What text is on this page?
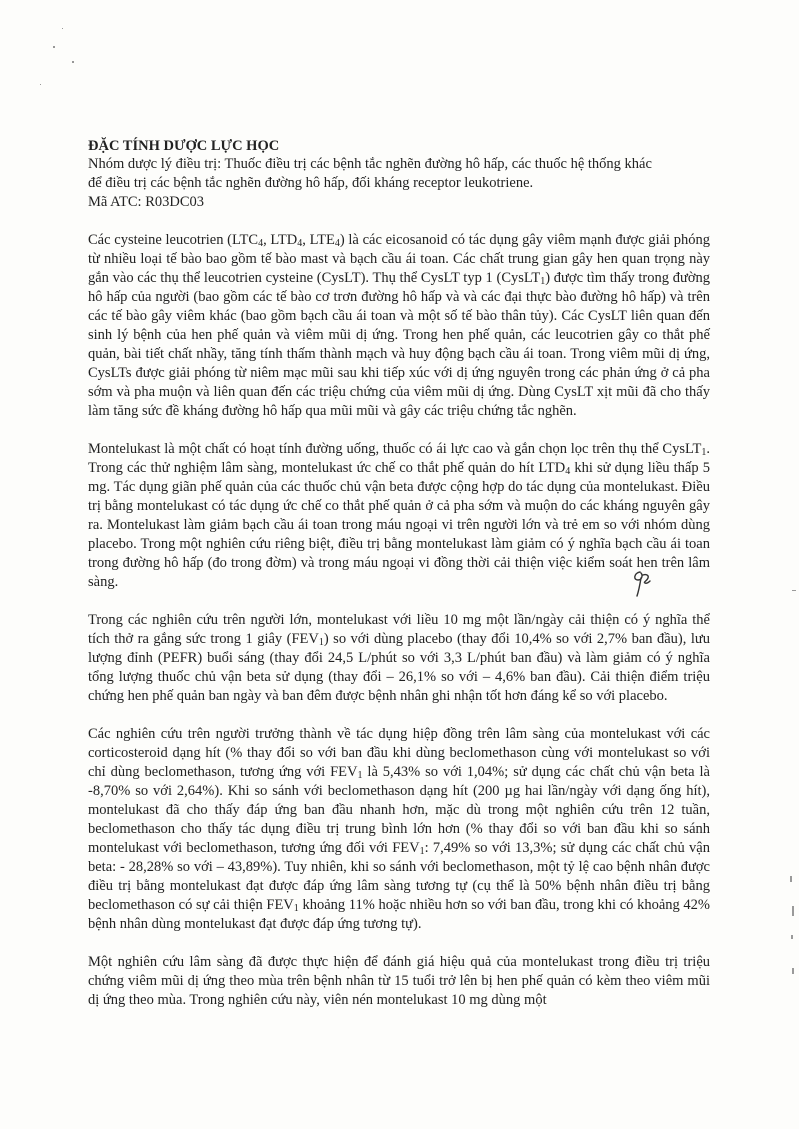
ĐẶC TÍNH DƯỢC LỰC HỌC

Nhóm dược lý điều trị: Thuốc điều trị các bệnh tắc nghẽn đường hô hấp, các thuốc hệ thống khác

để điều trị các bệnh tắc nghẽn đường hô hấp, đối kháng receptor leukotriene.

Mã ATC: R03DC03

Các cysteine leucotrien ($LTC_4$, $LTD_4$, $LTE_4$) là các eicosanoid có tác dụng gây viêm mạnh được giải phóng từ nhiều loại tế bào bao gồm tế bào mast và bạch cầu ái toan. Các chất trung gian gây hen quan trọng này gắn vào các thụ thể leucotrien cysteine (CysLT). Thụ thể CysLT typ 1 (CysLT$_1$) được tìm thấy trong đường hô hấp của người (bao gồm các tế bào cơ trơn đường hô hấp và và các đại thực bào đường hô hấp) và trên các tế bào gây viêm khác (bao gồm bạch cầu ái toan và một số tế bào thân tủy). Các CysLT liên quan đến sinh lý bệnh của hen phế quản và viêm mũi dị ứng. Trong hen phế quản, các leucotrien gây co thắt phế quản, bài tiết chất nhầy, tăng tính thấm thành mạch và huy động bạch cầu ái toan. Trong viêm mũi dị ứng, CysLTs được giải phóng từ niêm mạc mũi sau khi tiếp xúc với dị ứng nguyên trong các phản ứng ở cả pha sớm và pha muộn và liên quan đến các triệu chứng của viêm mũi dị ứng. Dùng CysLT xịt mũi đã cho thấy làm tăng sức đề kháng đường hô hấp qua mũi mũi và gây các triệu chứng tắc nghẽn.

Montelukast là một chất có hoạt tính đường uống, thuốc có ái lực cao và gắn chọn lọc trên thụ thể CysLT$_1$. Trong các thử nghiệm lâm sàng, montelukast ức chế co thắt phế quản do hít $LTD_4$ khi sử dụng liều thấp 5 mg. Tác dụng giãn phế quản của các thuốc chủ vận beta được cộng hợp do tác dụng của montelukast. Điều trị bằng montelukast có tác dụng ức chế co thắt phế quản ở cả pha sớm và muộn do các kháng nguyên gây ra. Montelukast làm giảm bạch cầu ái toan trong máu ngoại vi trên người lớn và trẻ em so với nhóm dùng placebo. Trong một nghiên cứu riêng biệt, điều trị bằng montelukast làm giảm có ý nghĩa bạch cầu ái toan trong đường hô hấp (đo trong đờm) và trong máu ngoại vi đồng thời cải thiện việc kiểm soát hen trên lâm sàng.

Trong các nghiên cứu trên người lớn, montelukast với liều 10 mg một lần/ngày cải thiện có ý nghĩa thể tích thở ra gắng sức trong 1 giây $(FEV_1)$ so với dùng placebo (thay đổi 10,4% so với 2,7% ban đầu), lưu lượng đỉnh (PEFR) buổi sáng (thay đổi 24,5 L/phút so với 3,3 L/phút ban đầu) và làm giảm có ý nghĩa tổng lượng thuốc chủ vận beta sử dụng (thay đổi – 26,1% so với – 4,6% ban đầu). Cải thiện điểm triệu chứng hen phế quản ban ngày và ban đêm được bệnh nhân ghi nhận tốt hơn đáng kể so với placebo.

Các nghiên cứu trên người trưởng thành về tác dụng hiệp đồng trên lâm sàng của montelukast với các corticosteroid dạng hít (% thay đổi so với ban đầu khi dùng beclomethason cùng với montelukast so với chỉ dùng beclomethason, tương ứng với $FEV_1$ là 5,43% so với 1,04%; sử dụng các chất chủ vận beta là -8,70% so với 2,64%). Khi so sánh với beclomethason dạng hít (200 µg hai lần/ngày với dạng ống hít), montelukast đã cho thấy đáp ứng ban đầu nhanh hơn, mặc dù trong một nghiên cứu trên 12 tuần, beclomethason cho thấy tác dụng điều trị trung bình lớn hơn (% thay đổi so với ban đầu khi so sánh montelukast với beclomethason, tương ứng đối với $FEV_1$: 7,49% so với 13,3%; sử dụng các chất chủ vận beta: - 28,28% so với – 43,89%). Tuy nhiên, khi so sánh với beclomethason, một tỷ lệ cao bệnh nhân được điều trị bằng montelukast đạt được đáp ứng lâm sàng tương tự (cụ thể là 50% bệnh nhân điều trị bằng beclomethason có sự cải thiện $FEV_1$ khoảng 11% hoặc nhiều hơn so với ban đầu, trong khi có khoảng 42% bệnh nhân dùng montelukast đạt được đáp ứng tương tự).

Một nghiên cứu lâm sàng đã được thực hiện để đánh giá hiệu quả của montelukast trong điều trị triệu chứng viêm mũi dị ứng theo mùa trên bệnh nhân từ 15 tuổi trở lên bị hen phế quản có kèm theo viêm mũi dị ứng theo mùa. Trong nghiên cứu này, viên nén montelukast 10 mg dùng một
